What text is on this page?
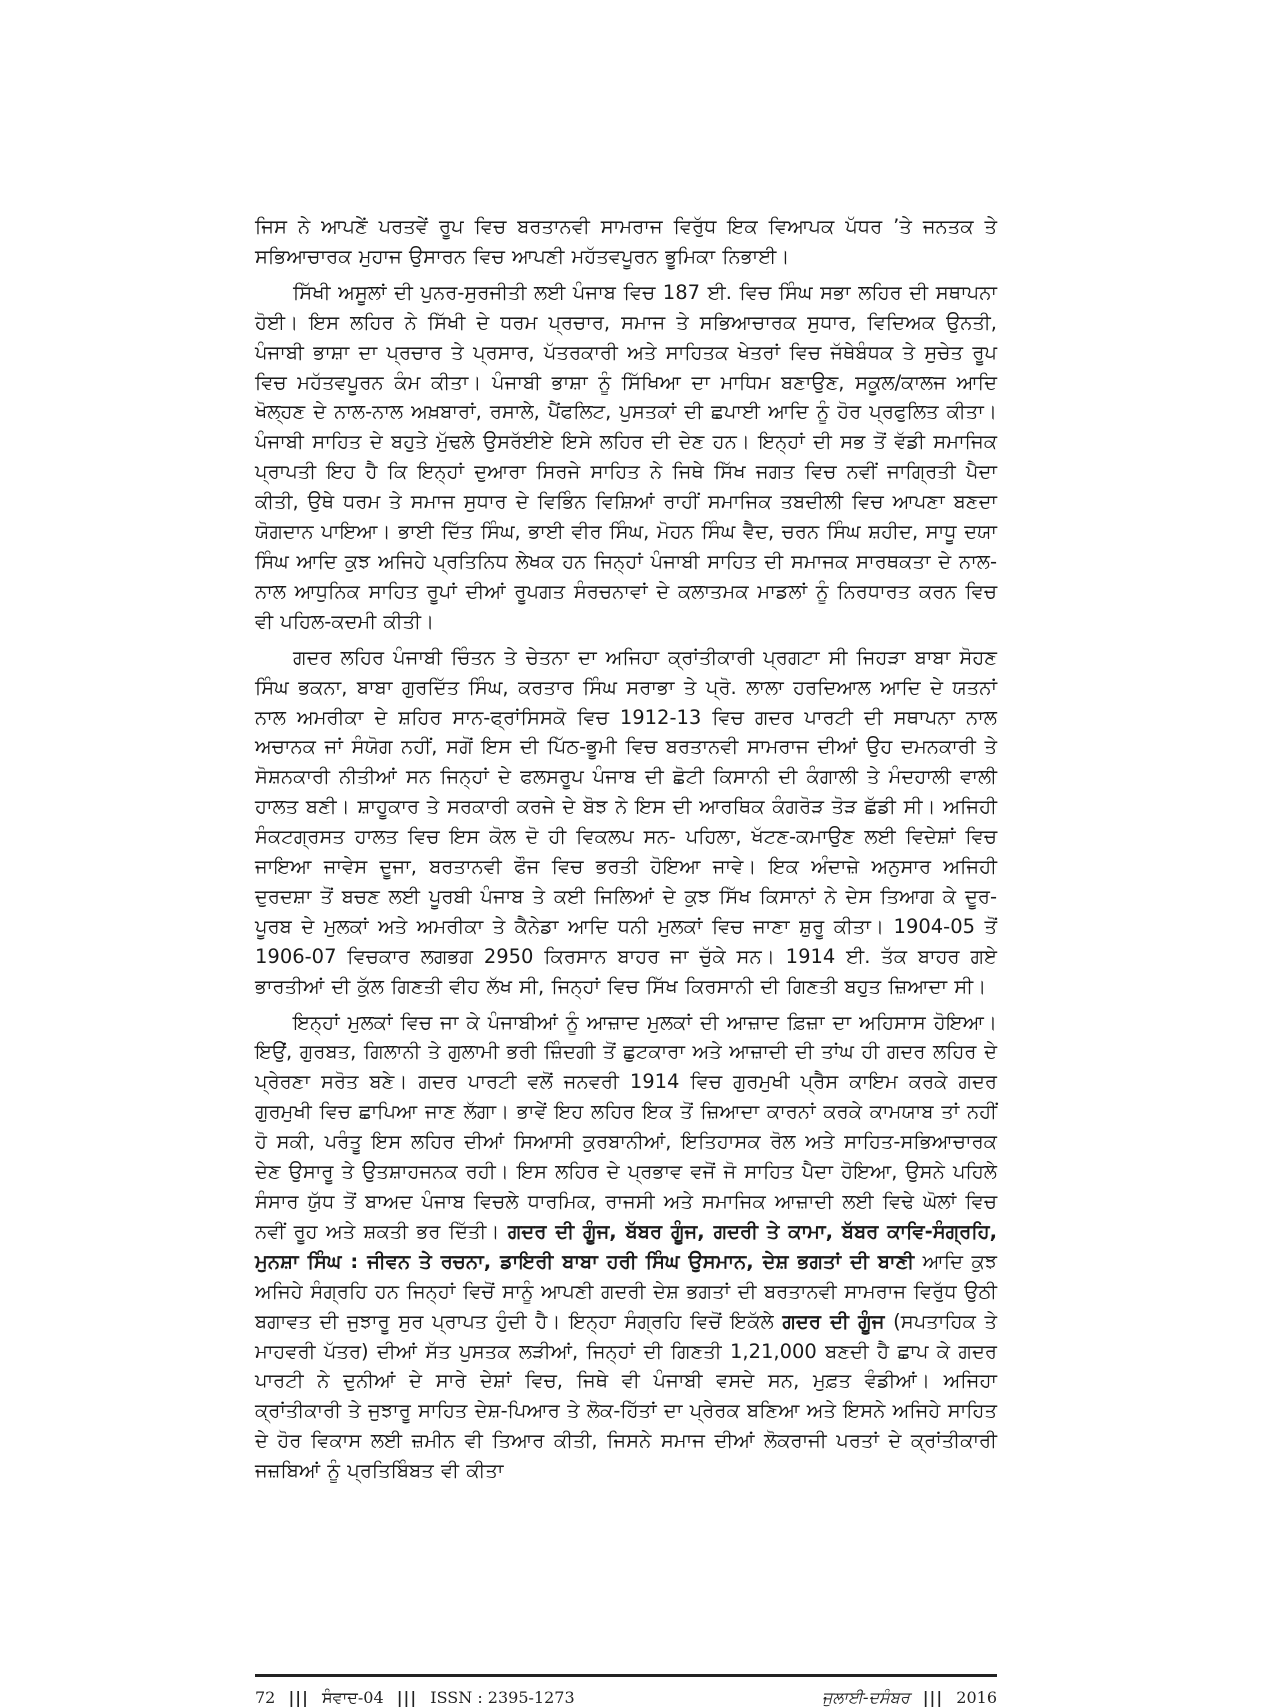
ਜਿਸ ਨੇ ਆਪਣੇਂ ਪਰਤਵੇਂ ਰੂਪ ਵਿਚ ਬਰਤਾਨਵੀ ਸਾਮਰਾਜ ਵਿਰੁੱਧ ਇਕ ਵਿਆਪਕ ਪੱਧਰ ’ਤੇ ਜਨਤਕ ਤੇ ਸਭਿਆਚਾਰਕ ਮੁਹਾਜ ਉਸਾਰਨ ਵਿਚ ਆਪਣੀ ਮਹੱਤਵਪੂਰਨ ਭੂਮਿਕਾ ਨਿਭਾਈ।

ਸਿੱਖੀ ਅਸੂਲਾਂ ਦੀ ਪੁਨਰ-ਸੁਰਜੀਤੀ ਲਈ ਪੰਜਾਬ ਵਿਚ 187 ਈ. ਵਿਚ ਸਿੰਘ ਸਭਾ ਲਹਿਰ ਦੀ ਸਥਾਪਨਾ ਹੋਈ। ਇਸ ਲਹਿਰ ਨੇ ਸਿੱਖੀ ਦੇ ਧਰਮ ਪ੍ਰਚਾਰ, ਸਮਾਜ ਤੇ ਸਭਿਆਚਾਰਕ ਸੁਧਾਰ, ਵਿਦਿਅਕ ਉਨਤੀ, ਪੰਜਾਬੀ ਭਾਸ਼ਾ ਦਾ ਪ੍ਰਚਾਰ ਤੇ ਪ੍ਰਸਾਰ, ਪੱਤਰਕਾਰੀ ਅਤੇ ਸਾਹਿਤਕ ਖੇਤਰਾਂ ਵਿਚ ਜੱਥੇਬੰਧਕ ਤੇ ਸੁਚੇਤ ਰੂਪ ਵਿਚ ਮਹੱਤਵਪੂਰਨ ਕੰਮ ਕੀਤਾ। ਪੰਜਾਬੀ ਭਾਸ਼ਾ ਨੂੰ ਸਿੱਖਿਆ ਦਾ ਮਾਧਿਮ ਬਣਾਉਣ, ਸਕੂਲ/ਕਾਲਜ ਆਦਿ ਖੋਲ੍ਹਣ ਦੇ ਨਾਲ-ਨਾਲ ਅਖ਼ਬਾਰਾਂ, ਰਸਾਲੇ, ਪੈਂਫਲਿਟ, ਪੁਸਤਕਾਂ ਦੀ ਛਪਾਈ ਆਦਿ ਨੂੰ ਹੋਰ ਪ੍ਰਫੁਲਿਤ ਕੀਤਾ। ਪੰਜਾਬੀ ਸਾਹਿਤ ਦੇ ਬਹੁਤੇ ਮੁੱਢਲੇ ਉਸਰੱਈਏ ਇਸੇ ਲਹਿਰ ਦੀ ਦੇਣ ਹਨ। ਇਨ੍ਹਾਂ ਦੀ ਸਭ ਤੋਂ ਵੱਡੀ ਸਮਾਜਿਕ ਪ੍ਰਾਪਤੀ ਇਹ ਹੈ ਕਿ ਇਨ੍ਹਾਂ ਦੁਆਰਾ ਸਿਰਜੇ ਸਾਹਿਤ ਨੇ ਜਿਥੇ ਸਿੱਖ ਜਗਤ ਵਿਚ ਨਵੀਂ ਜਾਗ੍ਰਿਤੀ ਪੈਦਾ ਕੀਤੀ, ਉਥੇ ਧਰਮ ਤੇ ਸਮਾਜ ਸੁਧਾਰ ਦੇ ਵਿਭਿੰਨ ਵਿਸ਼ਿਆਂ ਰਾਹੀਂ ਸਮਾਜਿਕ ਤਬਦੀਲੀ ਵਿਚ ਆਪਣਾ ਬਣਦਾ ਯੋਗਦਾਨ ਪਾਇਆ। ਭਾਈ ਦਿੱਤ ਸਿੰਘ, ਭਾਈ ਵੀਰ ਸਿੰਘ, ਮੋਹਨ ਸਿੰਘ ਵੈਦ, ਚਰਨ ਸਿੰਘ ਸ਼ਹੀਦ, ਸਾਧੂ ਦਯਾ ਸਿੰਘ ਆਦਿ ਕੁਝ ਅਜਿਹੇ ਪ੍ਰਤਿਨਿਧ ਲੇਖਕ ਹਨ ਜਿਨ੍ਹਾਂ ਪੰਜਾਬੀ ਸਾਹਿਤ ਦੀ ਸਮਾਜਕ ਸਾਰਥਕਤਾ ਦੇ ਨਾਲ-ਨਾਲ ਆਧੁਨਿਕ ਸਾਹਿਤ ਰੂਪਾਂ ਦੀਆਂ ਰੂਪਗਤ ਸੰਰਚਨਾਵਾਂ ਦੇ ਕਲਾਤਮਕ ਮਾਡਲਾਂ ਨੂੰ ਨਿਰਧਾਰਤ ਕਰਨ ਵਿਚ ਵੀ ਪਹਿਲ-ਕਦਮੀ ਕੀਤੀ।

ਗਦਰ ਲਹਿਰ ਪੰਜਾਬੀ ਚਿੰਤਨ ਤੇ ਚੇਤਨਾ ਦਾ ਅਜਿਹਾ ਕ੍ਰਾਂਤੀਕਾਰੀ ਪ੍ਰਗਟਾ ਸੀ ਜਿਹੜਾ ਬਾਬਾ ਸੋਹਣ ਸਿੰਘ ਭਕਨਾ, ਬਾਬਾ ਗੁਰਦਿੱਤ ਸਿੰਘ, ਕਰਤਾਰ ਸਿੰਘ ਸਰਾਭਾ ਤੇ ਪ੍ਰੋ. ਲਾਲਾ ਹਰਦਿਆਲ ਆਦਿ ਦੇ ਯਤਨਾਂ ਨਾਲ ਅਮਰੀਕਾ ਦੇ ਸ਼ਹਿਰ ਸਾਨ-ਫ੍ਰਾਂਸਿਸਕੋ ਵਿਚ 1912-13 ਵਿਚ ਗਦਰ ਪਾਰਟੀ ਦੀ ਸਥਾਪਨਾ ਨਾਲ ਅਚਾਨਕ ਜਾਂ ਸੰਯੋਗ ਨਹੀਂ, ਸਗੋਂ ਇਸ ਦੀ ਪਿੱਠ-ਭੂਮੀ ਵਿਚ ਬਰਤਾਨਵੀ ਸਾਮਰਾਜ ਦੀਆਂ ਉਹ ਦਮਨਕਾਰੀ ਤੇ ਸੋਸ਼ਨਕਾਰੀ ਨੀਤੀਆਂ ਸਨ ਜਿਨ੍ਹਾਂ ਦੇ ਫਲਸਰੂਪ ਪੰਜਾਬ ਦੀ ਛੋਟੀ ਕਿਸਾਨੀ ਦੀ ਕੰਗਾਲੀ ਤੇ ਮੰਦਹਾਲੀ ਵਾਲੀ ਹਾਲਤ ਬਣੀ। ਸ਼ਾਹੂਕਾਰ ਤੇ ਸਰਕਾਰੀ ਕਰਜੇ ਦੇ ਬੋਝ ਨੇ ਇਸ ਦੀ ਆਰਥਿਕ ਕੰਗਰੋੜ ਤੋੜ ਛੱਡੀ ਸੀ। ਅਜਿਹੀ ਸੰਕਟਗ੍ਰਸਤ ਹਾਲਤ ਵਿਚ ਇਸ ਕੋਲ ਦੋ ਹੀ ਵਿਕਲਪ ਸਨ- ਪਹਿਲਾ, ਖੱਟਣ-ਕਮਾਉਣ ਲਈ ਵਿਦੇਸ਼ਾਂ ਵਿਚ ਜਾਇਆ ਜਾਵੇਸ ਦੂਜਾ, ਬਰਤਾਨਵੀ ਫੌਜ ਵਿਚ ਭਰਤੀ ਹੋਇਆ ਜਾਵੇ। ਇਕ ਅੰਦਾਜ਼ੇ ਅਨੁਸਾਰ ਅਜਿਹੀ ਦੁਰਦਸ਼ਾ ਤੋਂ ਬਚਣ ਲਈ ਪੂਰਬੀ ਪੰਜਾਬ ਤੇ ਕਈ ਜਿਲਿਆਂ ਦੇ ਕੁਝ ਸਿੱਖ ਕਿਸਾਨਾਂ ਨੇ ਦੇਸ ਤਿਆਗ ਕੇ ਦੂਰ-ਪੂਰਬ ਦੇ ਮੁਲਕਾਂ ਅਤੇ ਅਮਰੀਕਾ ਤੇ ਕੈਨੇਡਾ ਆਦਿ ਧਨੀ ਮੁਲਕਾਂ ਵਿਚ ਜਾਣਾ ਸ਼ੁਰੂ ਕੀਤਾ। 1904-05 ਤੋਂ 1906-07 ਵਿਚਕਾਰ ਲਗਭਗ 2950 ਕਿਰਸਾਨ ਬਾਹਰ ਜਾ ਚੁੱਕੇ ਸਨ। 1914 ਈ. ਤੱਕ ਬਾਹਰ ਗਏ ਭਾਰਤੀਆਂ ਦੀ ਕੁੱਲ ਗਿਣਤੀ ਵੀਹ ਲੱਖ ਸੀ, ਜਿਨ੍ਹਾਂ ਵਿਚ ਸਿੱਖ ਕਿਰਸਾਨੀ ਦੀ ਗਿਣਤੀ ਬਹੁਤ ਜ਼ਿਆਦਾ ਸੀ।

ਇਨ੍ਹਾਂ ਮੁਲਕਾਂ ਵਿਚ ਜਾ ਕੇ ਪੰਜਾਬੀਆਂ ਨੂੰ ਆਜ਼ਾਦ ਮੁਲਕਾਂ ਦੀ ਆਜ਼ਾਦ ਫ਼ਿਜ਼ਾ ਦਾ ਅਹਿਸਾਸ ਹੋਇਆ। ਇਉਂ, ਗੁਰਬਤ, ਗਿਲਾਨੀ ਤੇ ਗੁਲਾਮੀ ਭਰੀ ਜ਼ਿੰਦਗੀ ਤੋਂ ਛੁਟਕਾਰਾ ਅਤੇ ਆਜ਼ਾਦੀ ਦੀ ਤਾਂਘ ਹੀ ਗਦਰ ਲਹਿਰ ਦੇ ਪ੍ਰੇਰਣਾ ਸਰੋਤ ਬਣੇ। ਗਦਰ ਪਾਰਟੀ ਵਲੋਂ ਜਨਵਰੀ 1914 ਵਿਚ ਗੁਰਮੁਖੀ ਪ੍ਰੈਸ ਕਾਇਮ ਕਰਕੇ ਗਦਰ ਗੁਰਮੁਖੀ ਵਿਚ ਛਾਪਿਆ ਜਾਣ ਲੱਗਾ। ਭਾਵੇਂ ਇਹ ਲਹਿਰ ਇਕ ਤੋਂ ਜ਼ਿਆਦਾ ਕਾਰਨਾਂ ਕਰਕੇ ਕਾਮਯਾਬ ਤਾਂ ਨਹੀਂ ਹੋ ਸਕੀ, ਪਰੰਤੂ ਇਸ ਲਹਿਰ ਦੀਆਂ ਸਿਆਸੀ ਕੁਰਬਾਨੀਆਂ, ਇਤਿਹਾਸਕ ਰੋਲ ਅਤੇ ਸਾਹਿਤ-ਸਭਿਆਚਾਰਕ ਦੇਣ ਉਸਾਰੂ ਤੇ ਉਤਸ਼ਾਹਜਨਕ ਰਹੀ। ਇਸ ਲਹਿਰ ਦੇ ਪ੍ਰਭਾਵ ਵਜੋਂ ਜੋ ਸਾਹਿਤ ਪੈਦਾ ਹੋਇਆ, ਉਸਨੇ ਪਹਿਲੇ ਸੰਸਾਰ ਯੁੱਧ ਤੋਂ ਬਾਅਦ ਪੰਜਾਬ ਵਿਚਲੇ ਧਾਰਮਿਕ, ਰਾਜਸੀ ਅਤੇ ਸਮਾਜਿਕ ਆਜ਼ਾਦੀ ਲਈ ਵਿਢੇ ਘੋਲਾਂ ਵਿਚ ਨਵੀਂ ਰੂਹ ਅਤੇ ਸ਼ਕਤੀ ਭਰ ਦਿੱਤੀ। ਗਦਰ ਦੀ ਗੂੰਜ, ਬੱਬਰ ਗੂੰਜ, ਗਦਰੀ ਤੇ ਕਾਮਾ, ਬੱਬਰ ਕਾਵਿ-ਸੰਗ੍ਰਹਿ, ਮੁਨਸ਼ਾ ਸਿੰਘ : ਜੀਵਨ ਤੇ ਰਚਨਾ, ਡਾਇਰੀ ਬਾਬਾ ਹਰੀ ਸਿੰਘ ਉਸਮਾਨ, ਦੇਸ਼ ਭਗਤਾਂ ਦੀ ਬਾਣੀ ਆਦਿ ਕੁਝ ਅਜਿਹੇ ਸੰਗ੍ਰਹਿ ਹਨ ਜਿਨ੍ਹਾਂ ਵਿਚੋਂ ਸਾਨੂੰ ਆਪਣੀ ਗਦਰੀ ਦੇਸ਼ ਭਗਤਾਂ ਦੀ ਬਰਤਾਨਵੀ ਸਾਮਰਾਜ ਵਿਰੁੱਧ ਉਠੀ ਬਗਾਵਤ ਦੀ ਜੁਝਾਰੂ ਸੁਰ ਪ੍ਰਾਪਤ ਹੁੰਦੀ ਹੈ। ਇਨ੍ਹਾ ਸੰਗ੍ਰਹਿ ਵਿਚੋਂ ਇਕੱਲੇ ਗਦਰ ਦੀ ਗੂੰਜ (ਸਪਤਾਹਿਕ ਤੇ ਮਾਹਵਰੀ ਪੱਤਰ) ਦੀਆਂ ਸੱਤ ਪੁਸਤਕ ਲੜੀਆਂ, ਜਿਨ੍ਹਾਂ ਦੀ ਗਿਣਤੀ 1,21,000 ਬਣਦੀ ਹੈ ਛਾਪ ਕੇ ਗਦਰ ਪਾਰਟੀ ਨੇ ਦੁਨੀਆਂ ਦੇ ਸਾਰੇ ਦੇਸ਼ਾਂ ਵਿਚ, ਜਿਥੇ ਵੀ ਪੰਜਾਬੀ ਵਸਦੇ ਸਨ, ਮੁਫ਼ਤ ਵੰਡੀਆਂ। ਅਜਿਹਾ ਕ੍ਰਾਂਤੀਕਾਰੀ ਤੇ ਜੁਝਾਰੂ ਸਾਹਿਤ ਦੇਸ਼-ਪਿਆਰ ਤੇ ਲੋਕ-ਹਿੱਤਾਂ ਦਾ ਪ੍ਰੇਰਕ ਬਣਿਆ ਅਤੇ ਇਸਨੇ ਅਜਿਹੇ ਸਾਹਿਤ ਦੇ ਹੋਰ ਵਿਕਾਸ ਲਈ ਜ਼ਮੀਨ ਵੀ ਤਿਆਰ ਕੀਤੀ, ਜਿਸਨੇ ਸਮਾਜ ਦੀਆਂ ਲੋਕਰਾਜੀ ਪਰਤਾਂ ਦੇ ਕ੍ਰਾਂਤੀਕਾਰੀ ਜਜ਼ਬਿਆਂ ਨੂੰ ਪ੍ਰਤਿਬਿੰਬਤ ਵੀ ਕੀਤਾ

72 ||| ਸੰਵਾਦ-04 ||| ISSN : 2395-1273	ਜੁਲਾਈ-ਦਸੰਬਰ ||| 2016
